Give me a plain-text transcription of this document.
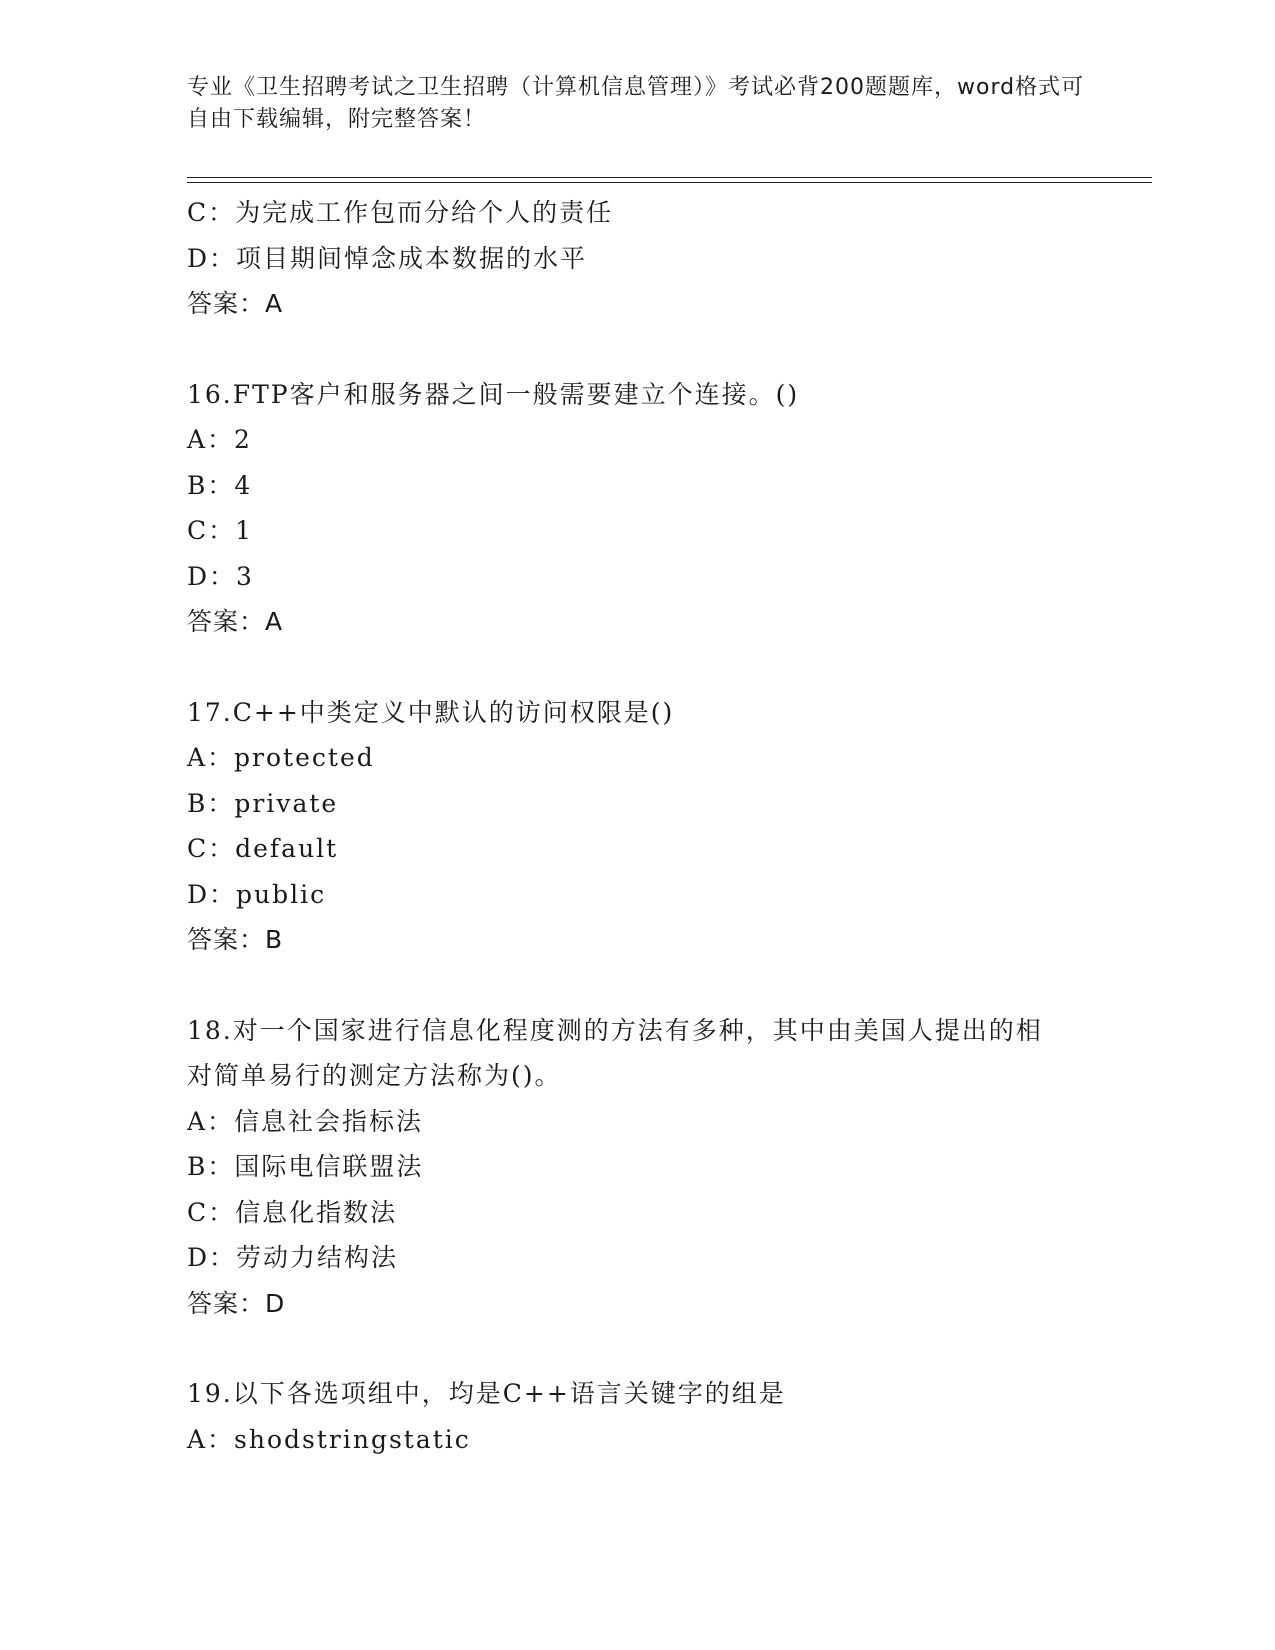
专业《卫生招聘考试之卫生招聘（计算机信息管理）》考试必背200题题库，word格式可自由下载编辑，附完整答案！
C：为完成工作包而分给个人的责任
D：项目期间悼念成本数据的水平
答案：A
16.FTP客户和服务器之间一般需要建立个连接。()
A：2
B：4
C：1
D：3
答案：A
17.C++中类定义中默认的访问权限是()
A：protected
B：private
C：default
D：public
答案：B
18.对一个国家进行信息化程度测的方法有多种，其中由美国人提出的相对简单易行的测定方法称为()。
A：信息社会指标法
B：国际电信联盟法
C：信息化指数法
D：劳动力结构法
答案：D
19.以下各选项组中，均是C++语言关键字的组是
A：shodstringstatic
